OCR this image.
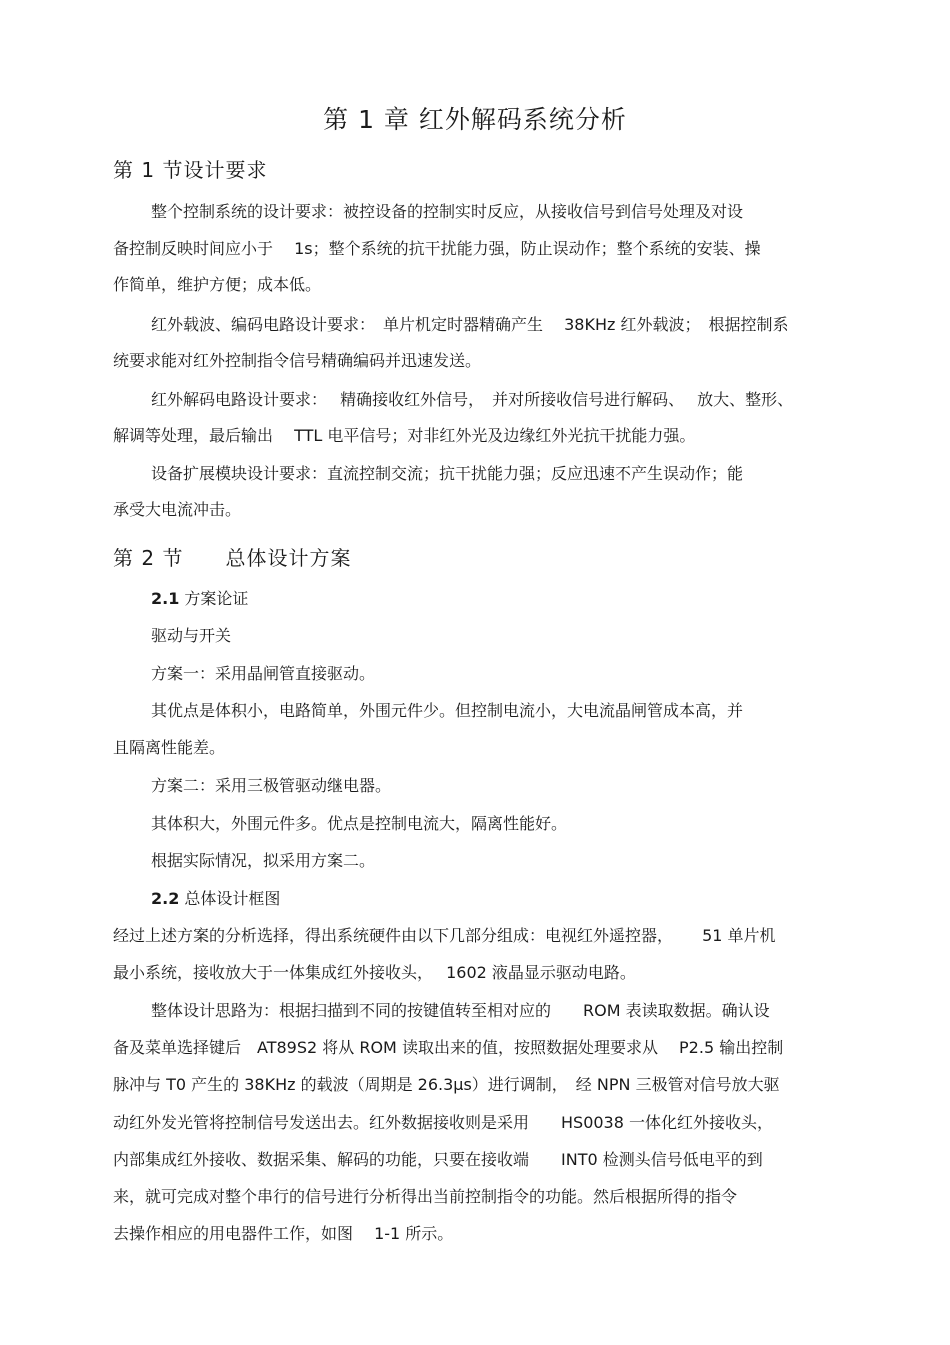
第 1 章 红外解码系统分析
第 1 节设计要求
整个控制系统的设计要求：被控设备的控制实时反应，从接收信号到信号处理及对设
备控制反映时间应小于　 1s；整个系统的抗干扰能力强，防止误动作；整个系统的安装、操
作简单，维护方便；成本低。
红外载波、编码电路设计要求：　单片机定时器精确产生　 38KHz 红外载波；　根据控制系
统要求能对红外控制指令信号精确编码并迅速发送。
红外解码电路设计要求：　 精确接收红外信号，　并对所接收信号进行解码、　 放大、整形、
解调等处理，最后输出　 TTL 电平信号；对非红外光及边缘红外光抗干扰能力强。
设备扩展模块设计要求：直流控制交流；抗干扰能力强；反应迅速不产生误动作；能
承受大电流冲击。
第 2 节　　总体设计方案
2.1 方案论证
驱动与开关
方案一：采用晶闸管直接驱动。
其优点是体积小，电路简单，外围元件少。但控制电流小，大电流晶闸管成本高，并
且隔离性能差。
方案二：采用三极管驱动继电器。
其体积大，外围元件多。优点是控制电流大，隔离性能好。
根据实际情况，拟采用方案二。
2.2 总体设计框图
经过上述方案的分析选择，得出系统硬件由以下几部分组成：电视红外遥控器，　　 51 单片机
最小系统，接收放大于一体集成红外接收头，　 1602 液晶显示驱动电路。
整体设计思路为：根据扫描到不同的按键值转至相对应的　　ROM 表读取数据。确认设
备及菜单选择键后　AT89S2 将从 ROM 读取出来的值，按照数据处理要求从　 P2.5 输出控制
脉冲与 T0 产生的 38KHz 的载波（周期是 26.3μs）进行调制，　经 NPN 三极管对信号放大驱
动红外发光管将控制信号发送出去。红外数据接收则是采用　　HS0038 一体化红外接收头，
内部集成红外接收、数据采集、解码的功能，只要在接收端　　INT0 检测头信号低电平的到
来，就可完成对整个串行的信号进行分析得出当前控制指令的功能。然后根据所得的指令
去操作相应的用电器件工作，如图　 1-1 所示。
